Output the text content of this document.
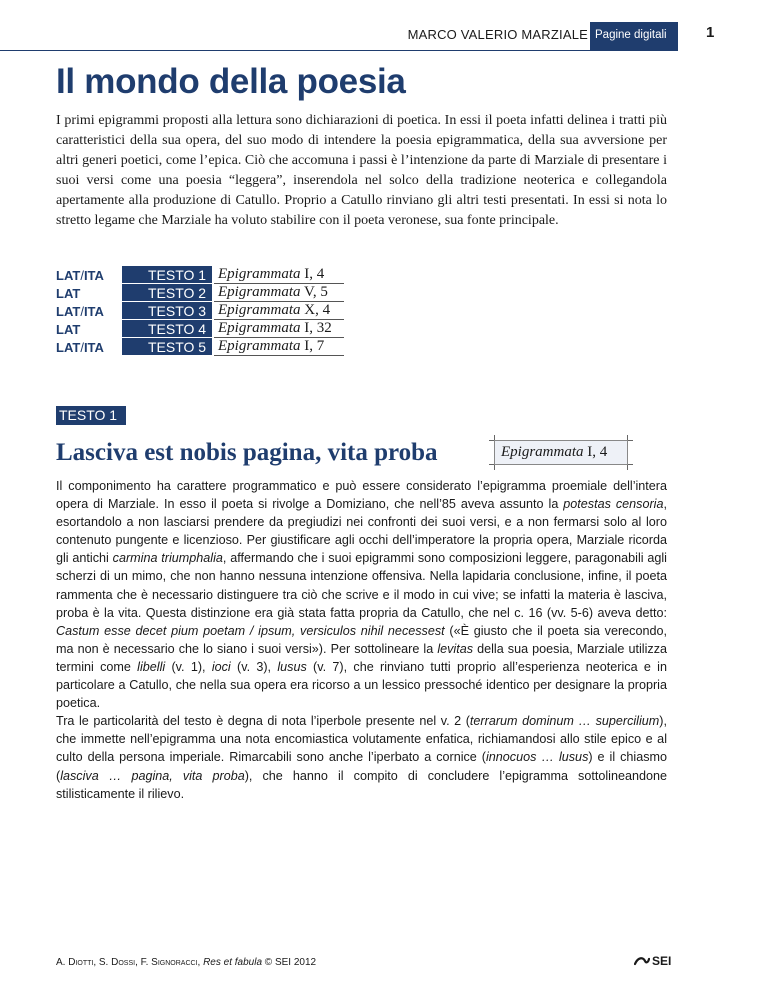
MARCO VALERIO MARZIALE Pagine digitali	1
Il mondo della poesia

I primi epigrammi proposti alla lettura sono dichiarazioni di poetica. In essi il poeta infatti delinea i tratti più caratteristici della sua opera, del suo modo di intendere la poesia epigrammatica, della sua avversione per altri generi poetici, come l’epica. Ciò che accomuna i passi è l’intenzione da parte di Marziale di presentare i suoi versi come una poesia “leggera”, inserendola nel solco della tradizione neoterica e collegandola apertamente alla produzione di Catullo. Proprio a Catullo rinviano gli altri testi presentati. In essi si nota lo stretto legame che Marziale ha voluto stabilire con il poeta veronese, sua fonte principale.

LAT/ITA	TESTO 1 Epigrammata I, 4
LAT	TESTO 2 Epigrammata V, 5
LAT/ITA	TESTO 3 Epigrammata X, 4
LAT	TESTO 4 Epigrammata I, 32
LAT/ITA	TESTO 5 Epigrammata I, 7
TESTO 1
Lasciva est nobis pagina, vita proba	Epigrammata I, 4

Il componimento ha carattere programmatico e può essere considerato l’epigramma proemiale dell’intera opera di Marziale. In esso il poeta si rivolge a Domiziano, che nell’85 aveva assunto la potestas censoria, esortandolo a non lasciarsi prendere da pregiudizi nei confronti dei suoi versi, e a non fermarsi solo al loro contenuto pungente e licenzioso. Per giustificare agli occhi dell’imperatore la propria opera, Marziale ricorda gli antichi carmina triumphalia, affermando che i suoi epigrammi sono composizioni leggere, paragonabili agli scherzi di un mimo, che non hanno nessuna intenzione offensiva. Nella lapidaria conclusione, infine, il poeta rammenta che è necessario distinguere tra ciò che scrive e il modo in cui vive; se infatti la materia è lasciva, proba è la vita. Questa distinzione era già stata fatta propria da Catullo, che nel c. 16 (vv. 5-6) aveva detto: Castum esse decet pium poetam / ipsum, versiculos nihil necessest («È giusto che il poeta sia verecondo, ma non è necessario che lo siano i suoi versi»). Per sottolineare la levitas della sua poesia, Marziale utilizza termini come libelli (v. 1), ioci (v. 3), lusus (v. 7), che rinviano tutti proprio all’esperienza neoterica e in particolare a Catullo, che nella sua opera era ricorso a un lessico pressoché identico per designare la propria poetica.

Tra le particolarità del testo è degna di nota l’iperbole presente nel v. 2 (terrarum dominum … supercilium), che immette nell’epigramma una nota encomiastica volutamente enfatica, richiamandosi allo stile epico e al culto della persona imperiale. Rimarcabili sono anche l’iperbato a cornice (innocuos … lusus) e il chiasmo (lasciva … pagina, vita proba), che hanno il compito di concludere l’epigramma sottolineandone stilisticamente il rilievo.

A. Diotti, S. Dossi, F. Signoracci, Res et fabula © SEI 2012	SEI
